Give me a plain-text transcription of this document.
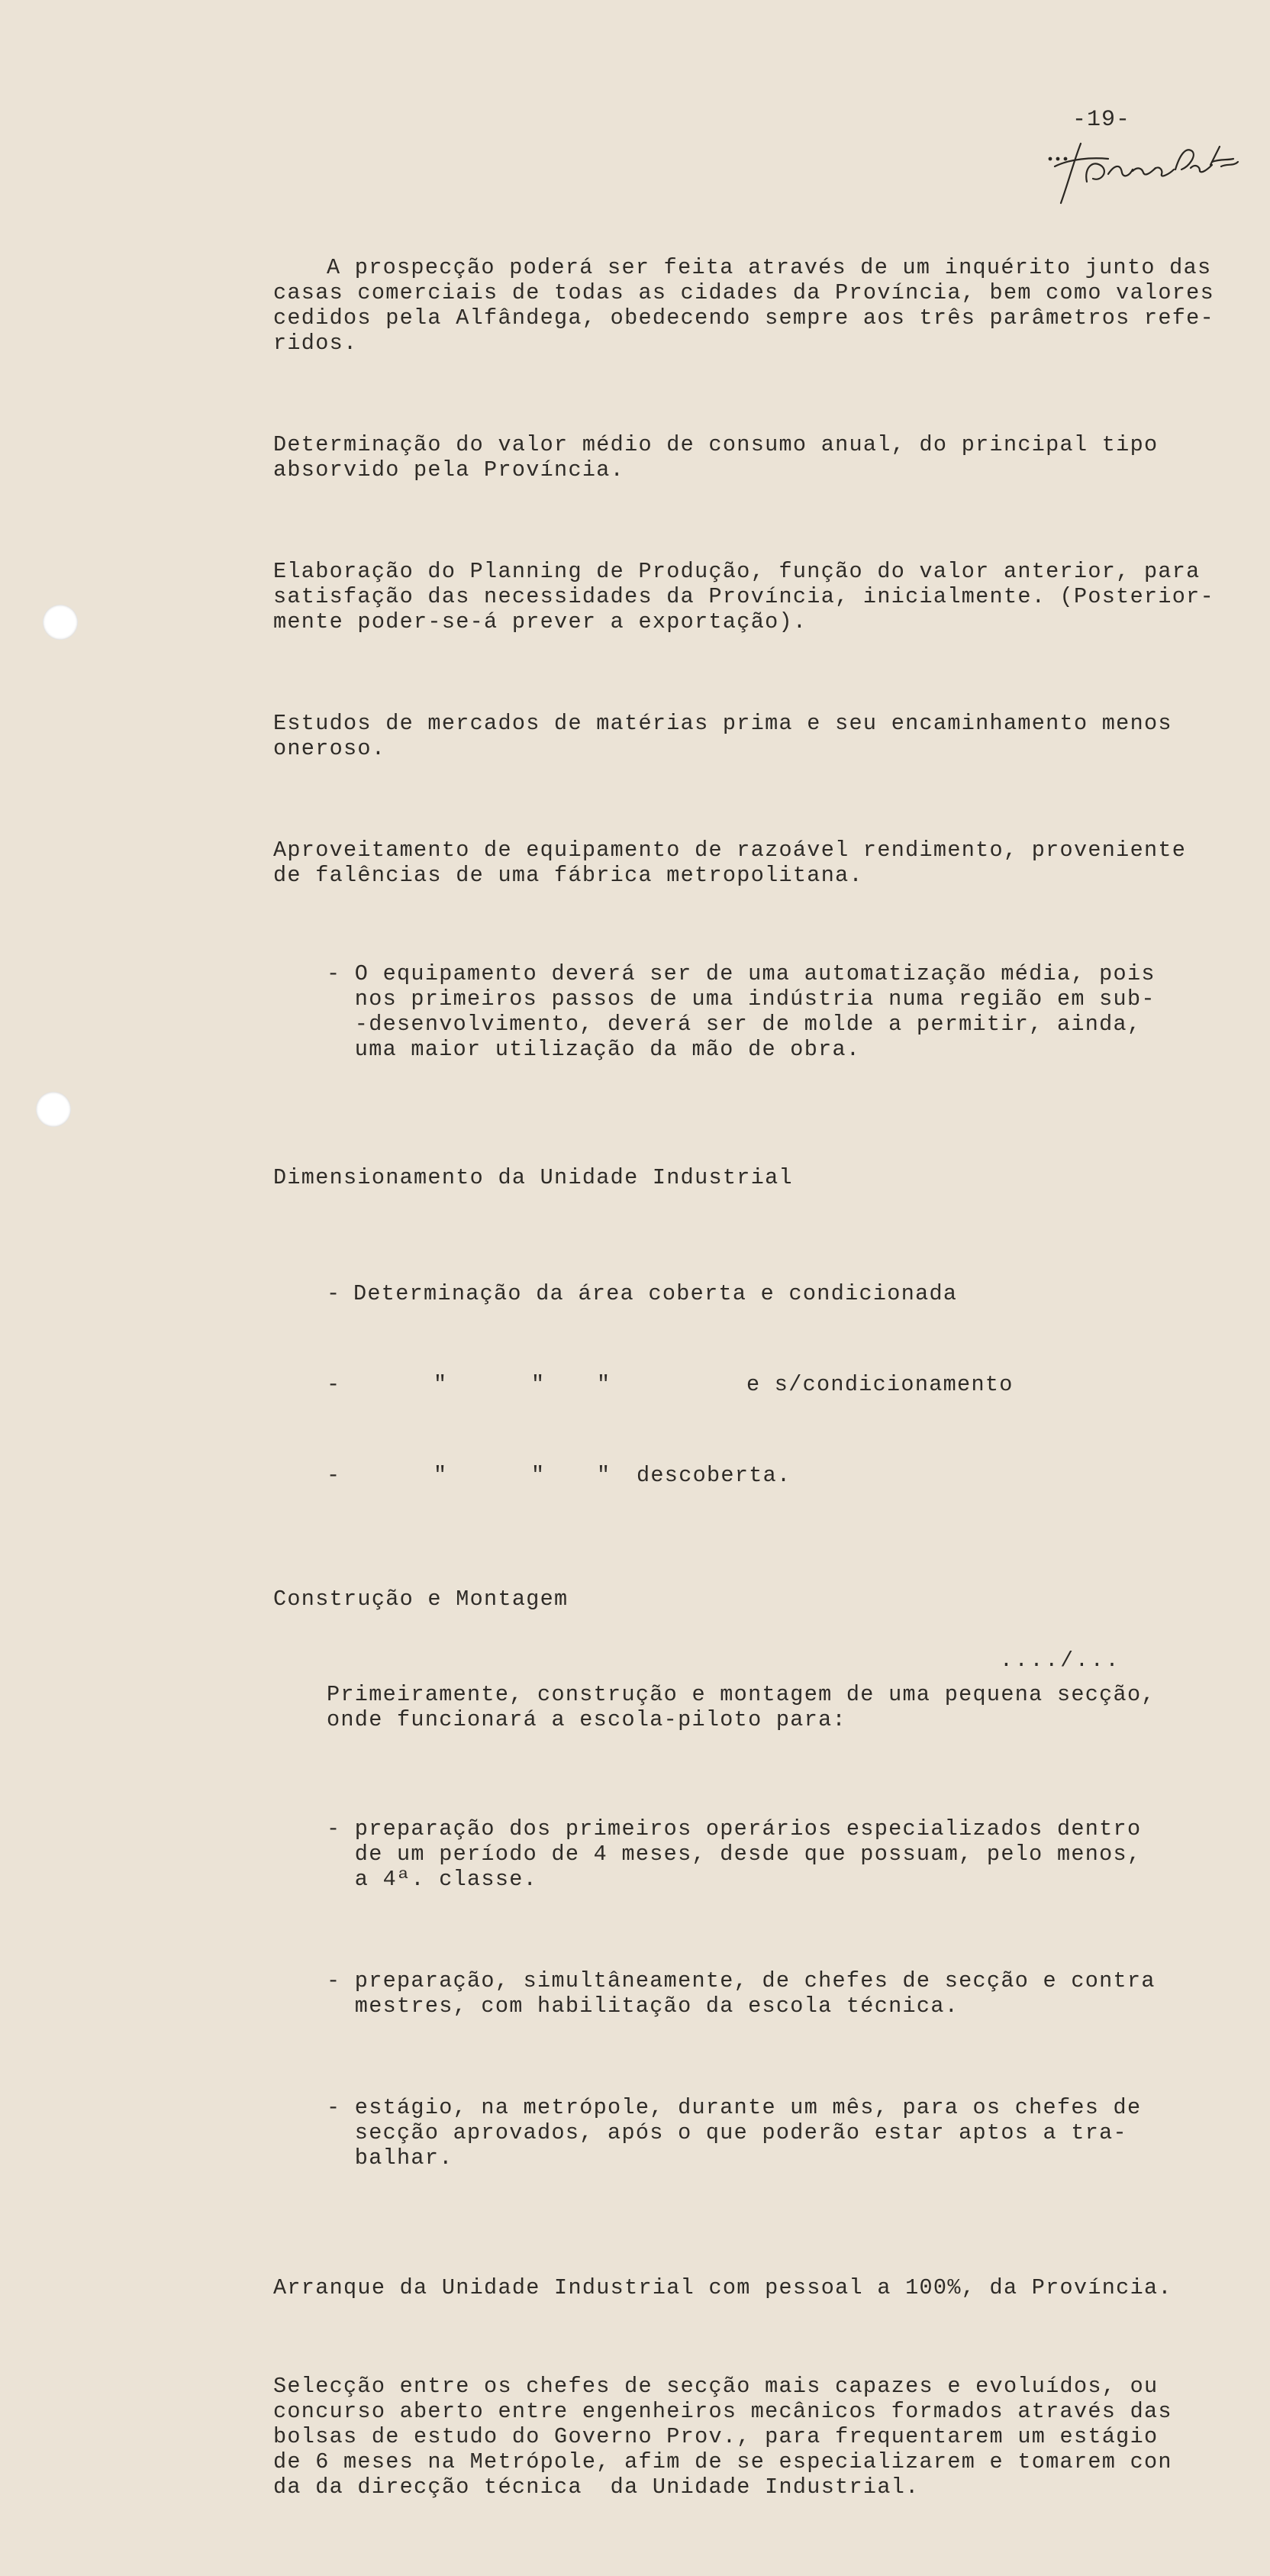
-19-

A prospecção poderá ser feita através de um inquérito junto das
casas comerciais de todas as cidades da Província, bem como valores
cedidos pela Alfândega, obedecendo sempre aos três parâmetros refe-
ridos.

Determinação do valor médio de consumo anual, do principal tipo
absorvido pela Província.

Elaboração do Planning de Produção, função do valor anterior, para
satisfação das necessidades da Província, inicialmente. (Posterior-
mente poder-se-á prever a exportação).

Estudos de mercados de matérias prima e seu encaminhamento menos
oneroso.

Aproveitamento de equipamento de razoável rendimento, proveniente
de falências de uma fábrica metropolitana.

- O equipamento deverá ser de uma automatização média, pois
nos primeiros passos de uma indústria numa região em sub-
-desenvolvimento, deverá ser de molde a permitir, ainda,
uma maior utilização da mão de obra.

Dimensionamento da Unidade Industrial

-

Determinação da área coberta e condicionada

-

	"

	"

"

	e s/condicionamento

-

	"

	"

"

descoberta.

Construção e Montagem

Primeiramente, construção e montagem de uma pequena secção,
onde funcionará a escola-piloto para:

- preparação dos primeiros operários especializados dentro
de um período de 4 meses, desde que possuam, pelo menos,
a 4ª. classe.

- preparação, simultâneamente, de chefes de secção e contra
mestres, com habilitação da escola técnica.

- estágio, na metrópole, durante um mês, para os chefes de
secção aprovados, após o que poderão estar aptos a tra-
balhar.

Arranque da Unidade Industrial com pessoal a 100%, da Província.

Selecção entre os chefes de secção mais capazes e evoluídos, ou
concurso aberto entre engenheiros mecânicos formados através das
bolsas de estudo do Governo Prov., para frequentarem um estágio
de 6 meses na Metrópole, afim de se especializarem e tomarem con
da da direcção técnica  da Unidade Industrial.

..../...
